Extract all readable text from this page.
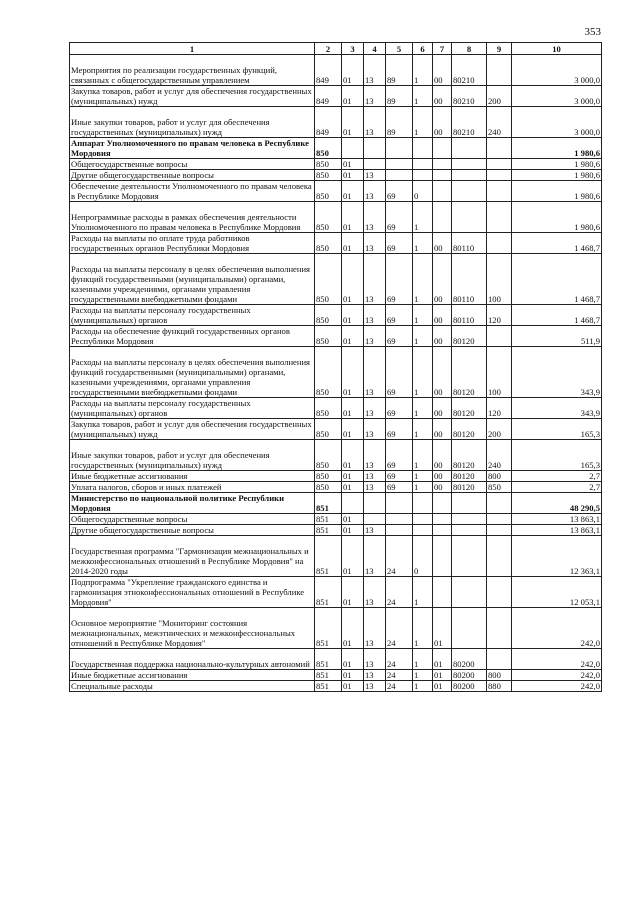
353
1	2	3	4	5	6	7	8	9	10
Мероприятия по реализации государственных функций, связанных с общегосударственным управлением	849	01	13	89	1	00	80210		3 000,0
Закупка товаров, работ и услуг для обеспечения государственных (муниципальных) нужд	849	01	13	89	1	00	80210	200	3 000,0
Иные закупки товаров, работ и услуг для обеспечения государственных (муниципальных) нужд	849	01	13	89	1	00	80210	240	3 000,0
Аппарат Уполномоченного по правам человека в Республике Мордовия	850								1 980,6
Общегосударственные вопросы	850	01							1 980,6
Другие общегосударственные вопросы	850	01	13						1 980,6
Обеспечение деятельности Уполномоченного по правам человека в Республике Мордовия	850	01	13	69	0				1 980,6
Непрограммные расходы в рамках обеспечения деятельности Уполномоченного по правам человека в Республике Мордовия	850	01	13	69	1				1 980,6
Расходы на выплаты по оплате труда работников государственных органов Республики Мордовия	850	01	13	69	1	00	80110		1 468,7
Расходы на выплаты персоналу в целях обеспечения выполнения функций государственными (муниципальными) органами, казенными учреждениями, органами управления государственными внебюджетными фондами	850	01	13	69	1	00	80110	100	1 468,7
Расходы на выплаты персоналу государственных (муниципальных) органов	850	01	13	69	1	00	80110	120	1 468,7
Расходы на обеспечение функций государственных органов Республики Мордовия	850	01	13	69	1	00	80120		511,9
Расходы на выплаты персоналу в целях обеспечения выполнения функций государственными (муниципальными) органами, казенными учреждениями, органами управления государственными внебюджетными фондами	850	01	13	69	1	00	80120	100	343,9
Расходы на выплаты персоналу государственных (муниципальных) органов	850	01	13	69	1	00	80120	120	343,9
Закупка товаров, работ и услуг для обеспечения государственных (муниципальных) нужд	850	01	13	69	1	00	80120	200	165,3
Иные закупки товаров, работ и услуг для обеспечения государственных (муниципальных) нужд	850	01	13	69	1	00	80120	240	165,3
Иные бюджетные ассигнования	850	01	13	69	1	00	80120	800	2,7
Уплата налогов, сборов и иных платежей	850	01	13	69	1	00	80120	850	2,7
Министерство по национальной политике Республики Мордовия	851								48 290,5
Общегосударственные вопросы	851	01							13 863,1
Другие общегосударственные вопросы	851	01	13						13 863,1
Государственная программа "Гармонизация межнациональных и межконфессиональных отношений в Республике Мордовия" на 2014-2020 годы	851	01	13	24	0				12 363,1
Подпрограмма "Укрепление гражданского единства и гармонизация этноконфессиональных отношений в Республике Мордовия"	851	01	13	24	1				12 053,1
Основное мероприятие "Мониторинг состояния межнациональных, межэтнических и межконфессиональных отношений в Республике Мордовия"	851	01	13	24	1	01			242,0
Государственная поддержка национально-культурных автономий	851	01	13	24	1	01	80200		242,0
Иные бюджетные ассигнования	851	01	13	24	1	01	80200	800	242,0
Специальные расходы	851	01	13	24	1	01	80200	880	242,0
